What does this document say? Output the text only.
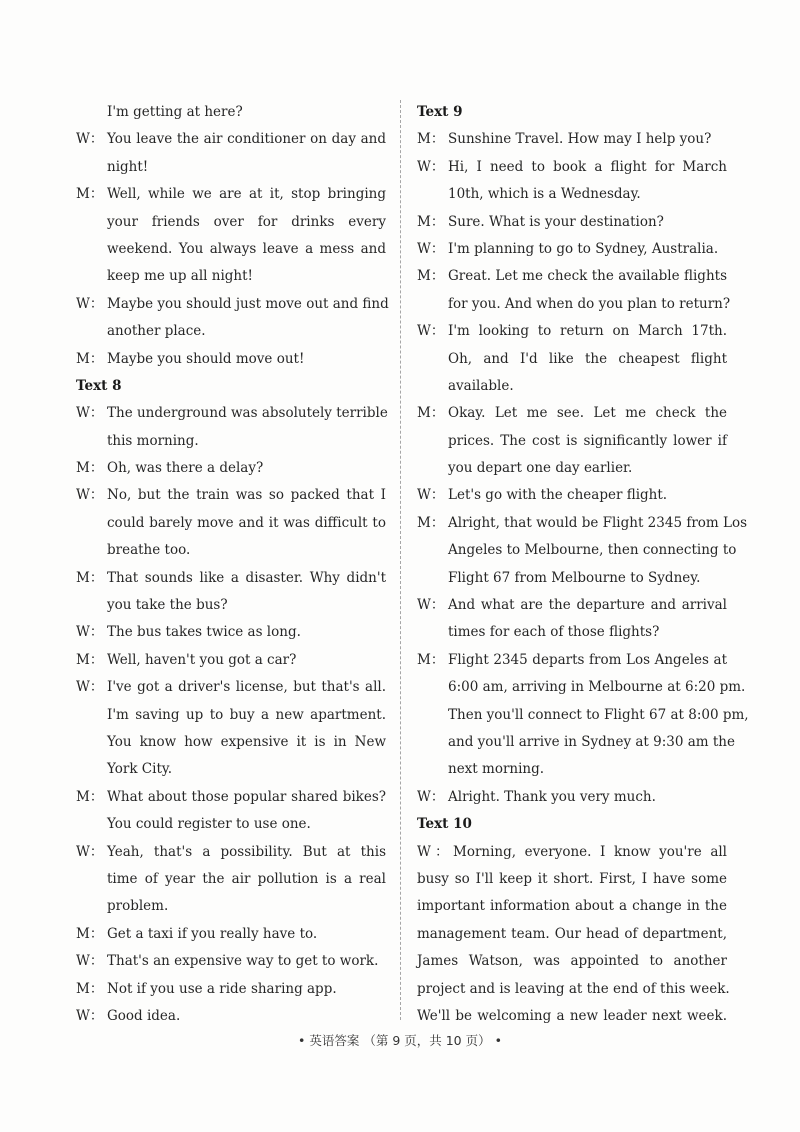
I'm getting at here?
W： You leave the air conditioner on day and
night!
M： Well, while we are at it, stop bringing
your friends over for drinks every
weekend. You always leave a mess and
keep me up all night!
W： Maybe you should just move out and find
another place.
M： Maybe you should move out!
Text 8
W： The underground was absolutely terrible
this morning.
M： Oh, was there a delay?
W： No, but the train was so packed that I
could barely move and it was difficult to
breathe too.
M： That sounds like a disaster. Why didn't
you take the bus?
W： The bus takes twice as long.
M： Well, haven't you got a car?
W： I've got a driver's license, but that's all.
I'm saving up to buy a new apartment.
You know how expensive it is in New
York City.
M： What about those popular shared bikes?
You could register to use one.
W： Yeah, that's a possibility. But at this
time of year the air pollution is a real
problem.
M： Get a taxi if you really have to.
W： That's an expensive way to get to work.
M： Not if you use a ride sharing app.
W： Good idea.
Text 9
M： Sunshine Travel. How may I help you?
W： Hi, I need to book a flight for March
10th, which is a Wednesday.
M： Sure. What is your destination?
W： I'm planning to go to Sydney, Australia.
M： Great. Let me check the available flights
for you. And when do you plan to return?
W： I'm looking to return on March 17th.
Oh, and I'd like the cheapest flight
available.
M： Okay. Let me see. Let me check the
prices. The cost is significantly lower if
you depart one day earlier.
W： Let's go with the cheaper flight.
M： Alright, that would be Flight 2345 from Los
Angeles to Melbourne, then connecting to
Flight 67 from Melbourne to Sydney.
W： And what are the departure and arrival
times for each of those flights?
M： Flight 2345 departs from Los Angeles at
6:00 am, arriving in Melbourne at 6:20 pm.
Then you'll connect to Flight 67 at 8:00 pm,
and you'll arrive in Sydney at 9:30 am the
next morning.
W： Alright. Thank you very much.
Text 10
W：Morning, everyone. I know you're all
busy so I'll keep it short. First, I have some
important information about a change in the
management team. Our head of department,
James Watson, was appointed to another
project and is leaving at the end of this week.
We'll be welcoming a new leader next week.
• 英语答案 （第 9 页，共 10 页） •
